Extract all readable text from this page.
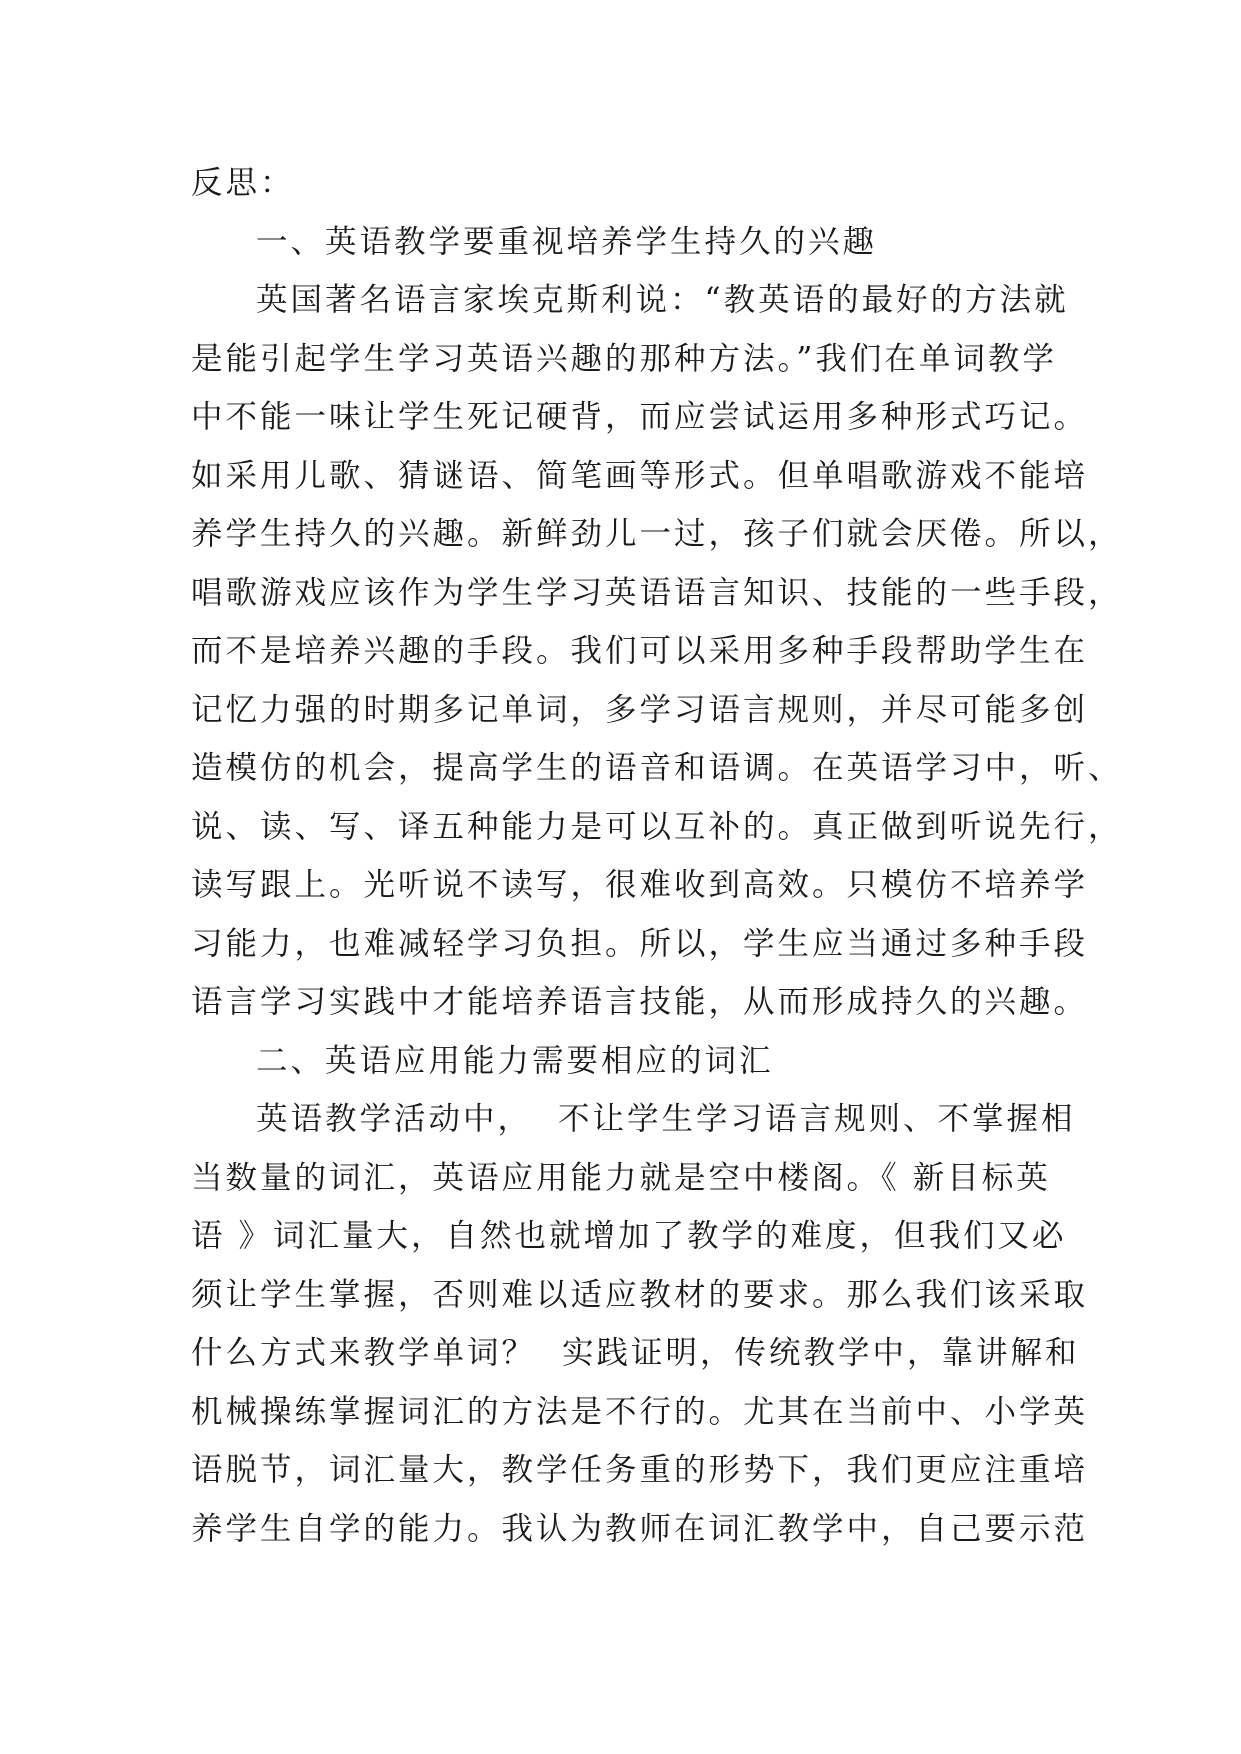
反思：
一、英语教学要重视培养学生持久的兴趣
英国著名语言家埃克斯利说：“教英语的最好的方法就
是能引起学生学习英语兴趣的那种方法。”我们在单词教学
中不能一味让学生死记硬背，而应尝试运用多种形式巧记。
如采用儿歌、猜谜语、简笔画等形式。但单唱歌游戏不能培
养学生持久的兴趣。新鲜劲儿一过，孩子们就会厌倦。所以，
唱歌游戏应该作为学生学习英语语言知识、技能的一些手段，
而不是培养兴趣的手段。我们可以采用多种手段帮助学生在
记忆力强的时期多记单词，多学习语言规则，并尽可能多创
造模仿的机会，提高学生的语音和语调。在英语学习中，听、
说、读、写、译五种能力是可以互补的。真正做到听说先行，
读写跟上。光听说不读写，很难收到高效。只模仿不培养学
习能力，也难减轻学习负担。所以，学生应当通过多种手段
语言学习实践中才能培养语言技能，从而形成持久的兴趣。
二、英语应用能力需要相应的词汇
英语教学活动中，  不让学生学习语言规则、不掌握相
当数量的词汇，英语应用能力就是空中楼阁。《 新目标英
语 》词汇量大，自然也就增加了教学的难度，但我们又必
须让学生掌握，否则难以适应教材的要求。那么我们该采取
什么方式来教学单词？  实践证明，传统教学中，靠讲解和
机械操练掌握词汇的方法是不行的。尤其在当前中、小学英
语脱节，词汇量大，教学任务重的形势下，我们更应注重培
养学生自学的能力。我认为教师在词汇教学中，自己要示范
